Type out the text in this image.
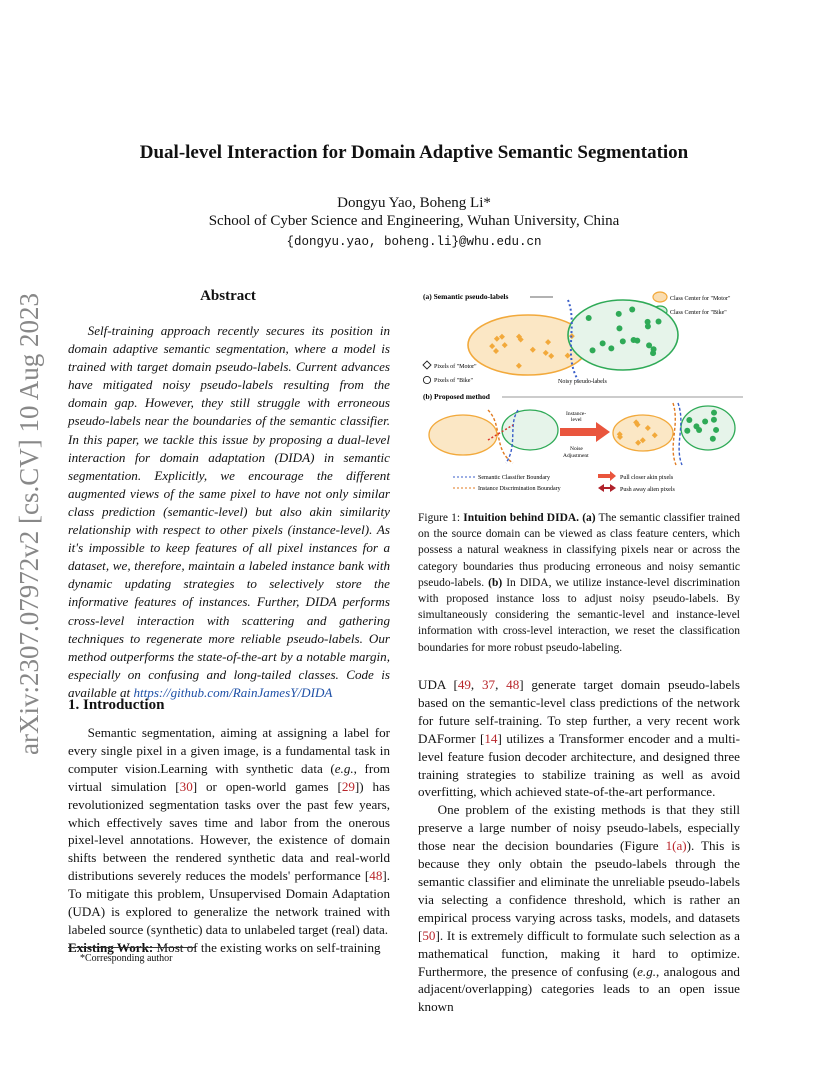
arXiv:2307.07972v2 [cs.CV] 10 Aug 2023
Dual-level Interaction for Domain Adaptive Semantic Segmentation
Dongyu Yao, Boheng Li*
School of Cyber Science and Engineering, Wuhan University, China
{dongyu.yao, boheng.li}@whu.edu.cn
Abstract

Self-training approach recently secures its position in domain adaptive semantic segmentation, where a model is trained with target domain pseudo-labels. Current advances have mitigated noisy pseudo-labels resulting from the domain gap. However, they still struggle with erroneous pseudo-labels near the boundaries of the semantic classifier. In this paper, we tackle this issue by proposing a dual-level interaction for domain adaptation (DIDA) in semantic segmentation. Explicitly, we encourage the different augmented views of the same pixel to have not only similar class prediction (semantic-level) but also akin similarity relationship with respect to other pixels (instance-level). As it's impossible to keep features of all pixel instances for a dataset, we, therefore, maintain a labeled instance bank with dynamic updating strategies to selectively store the informative features of instances. Further, DIDA performs cross-level interaction with scattering and gathering techniques to regenerate more reliable pseudo-labels. Our method outperforms the state-of-the-art by a notable margin, especially on confusing and long-tailed classes. Code is available at https://github.com/RainJamesY/DIDA

1. Introduction

Semantic segmentation, aiming at assigning a label for every single pixel in a given image, is a fundamental task in computer vision.Learning with synthetic data (e.g., from virtual simulation [30] or open-world games [29]) has revolutionized segmentation tasks over the past few years, which effectively saves time and labor from the onerous pixel-level annotations. However, the existence of domain shifts between the rendered synthetic data and real-world distributions severely reduces the models' performance [48]. To mitigate this problem, Unsupervised Domain Adaptation (UDA) is explored to generalize the network trained with labeled source (synthetic) data to unlabeled target (real) data.

Existing Work: Most of the existing works on self-training
*Corresponding author
(a) Semantic pseudo-labels	Class Center for "Motor"
Class Center for "Bike"
Pixels of "Motor"
Pixels of "Bike"	Noisy pseudo-labels
(b) Proposed method
Instance-
level
Noise
Adjustment
Semantic Classifier Boundary
Instance Discrimination Boundary
Pull closer akin pixels
Push away alien pixels
Figure 1: Intuition behind DIDA. (a) The semantic classifier trained on the source domain can be viewed as class feature centers, which possess a natural weakness in classifying pixels near or across the category boundaries thus producing erroneous and noisy semantic pseudo-labels. (b) In DIDA, we utilize instance-level discrimination with proposed instance loss to adjust noisy pseudo-labels. By simultaneously considering the semantic-level and instance-level information with cross-level interaction, we reset the classification boundaries for more robust pseudo-labeling.

UDA [49, 37, 48] generate target domain pseudo-labels based on the semantic-level class predictions of the network for future self-training. To step further, a very recent work DAFormer [14] utilizes a Transformer encoder and a multi-level feature fusion decoder architecture, and designed three training strategies to stabilize training as well as avoid overfitting, which achieved state-of-the-art performance.

One problem of the existing methods is that they still preserve a large number of noisy pseudo-labels, especially those near the decision boundaries (Figure 1(a)). This is because they only obtain the pseudo-labels through the semantic classifier and eliminate the unreliable pseudo-labels via selecting a confidence threshold, which is rather an empirical process varying across tasks, models, and datasets [50]. It is extremely difficult to formulate such selection as a mathematical function, making it hard to optimize. Furthermore, the presence of confusing (e.g., analogous and adjacent/overlapping) categories leads to an open issue known
